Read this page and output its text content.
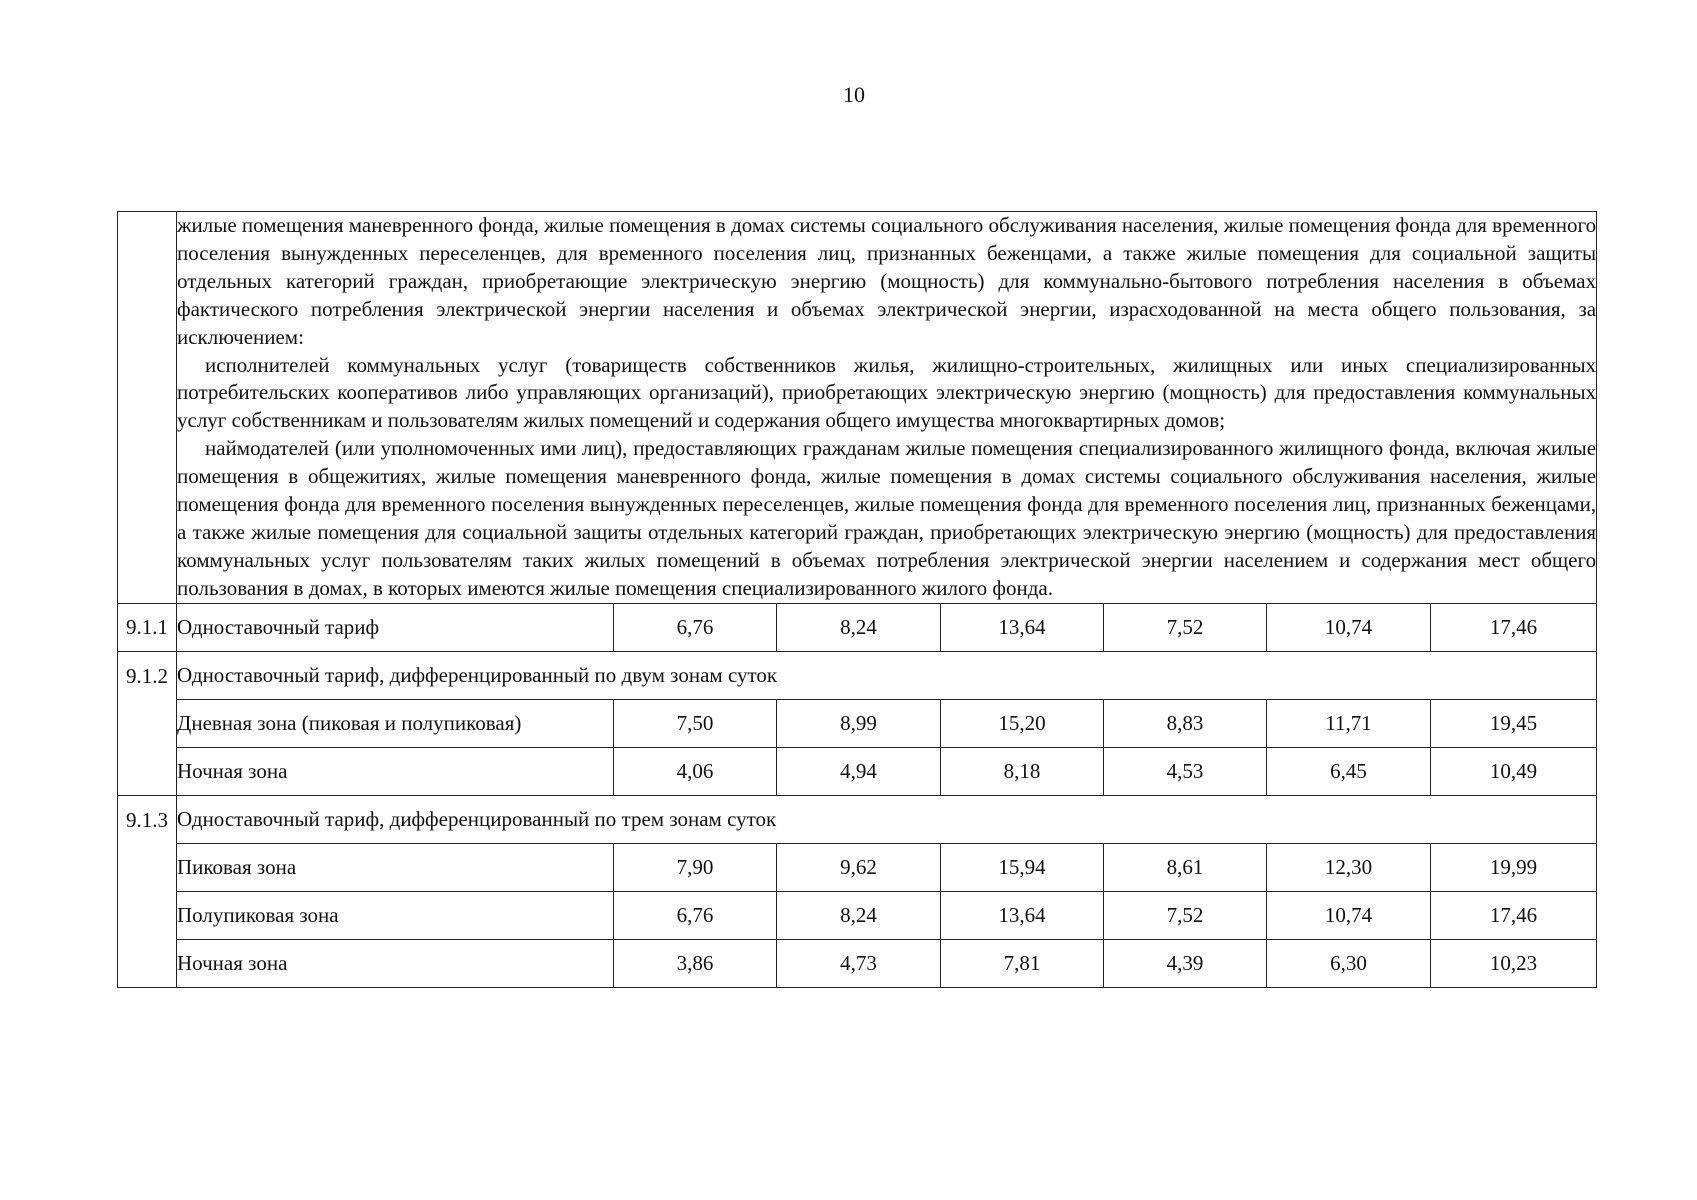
10

	жилые помещения маневренного фонда, жилые помещения в домах системы социального обслуживания населения, жилые помещения фонда для временного поселения вынужденных переселенцев, для временного поселения лиц, признанных беженцами, а также жилые помещения для социальной защиты отдельных категорий граждан, приобретающие электрическую энергию (мощность) для коммунально-бытового потребления населения в объемах фактического потребления электрической энергии населения и объемах электрической энергии, израсходованной на места общего пользования, за исключением:

исполнителей коммунальных услуг (товариществ собственников жилья, жилищно-строительных, жилищных или иных специализированных потребительских кооперативов либо управляющих организаций), приобретающих электрическую энергию (мощность) для предоставления коммунальных услуг собственникам и пользователям жилых помещений и содержания общего имущества многоквартирных домов;

наймодателей (или уполномоченных ими лиц), предоставляющих гражданам жилые помещения специализированного жилищного фонда, включая жилые помещения в общежитиях, жилые помещения маневренного фонда, жилые помещения в домах системы социального обслуживания населения, жилые помещения фонда для временного поселения вынужденных переселенцев, жилые помещения фонда для временного поселения лиц, признанных беженцами, а также жилые помещения для социальной защиты отдельных категорий граждан, приобретающих электрическую энергию (мощность) для предоставления коммунальных услуг пользователям таких жилых помещений в объемах потребления электрической энергии населением и содержания мест общего пользования в домах, в которых имеются жилые помещения специализированного жилого фонда.						

9.1.1	Одноставочный тариф	6,76	8,24	13,64	7,52	10,74	17,46
9.1.2	Одноставочный тариф, дифференцированный по двум зонам суток						
	Дневная зона (пиковая и полупиковая)	7,50	8,99	15,20	8,83	11,71	19,45
	Ночная зона	4,06	4,94	8,18	4,53	6,45	10,49
9.1.3	Одноставочный тариф, дифференцированный по трем зонам суток						
	Пиковая зона	7,90	9,62	15,94	8,61	12,30	19,99
	Полупиковая зона	6,76	8,24	13,64	7,52	10,74	17,46
	Ночная зона	3,86	4,73	7,81	4,39	6,30	10,23
